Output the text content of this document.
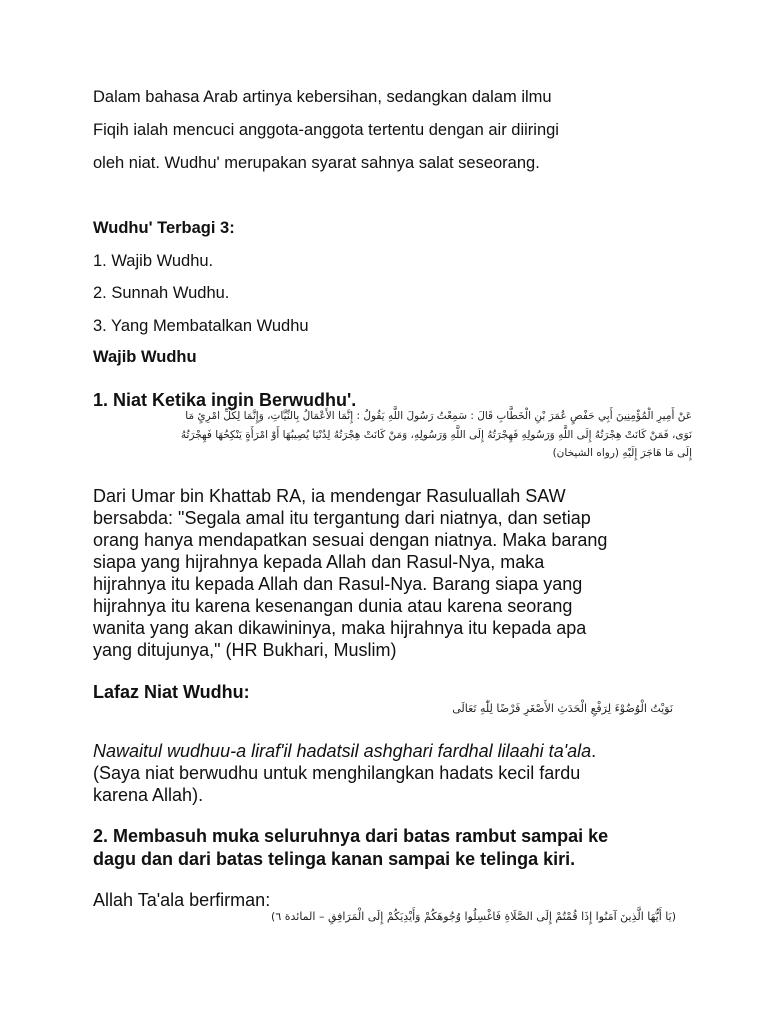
Dalam bahasa Arab artinya kebersihan, sedangkan dalam ilmu
Fiqih ialah mencuci anggota-anggota tertentu dengan air diiringi
oleh niat. Wudhu' merupakan syarat sahnya salat seseorang.
Wudhu' Terbagi 3:
1. Wajib Wudhu.
2. Sunnah Wudhu.
3. Yang Membatalkan Wudhu
Wajib Wudhu
1. Niat Ketika ingin Berwudhu'.
عَنْ أَمِيرِ الْمُؤْمِنِينَ أَبِي حَفْصٍ عُمَرَ بْنِ الْخَطَّابِ قَالَ : سَمِعْتُ رَسُولَ اللَّهِ يَقُولُ : إِنَّمَا الأَعْمَالُ بِالنِّيَّاتِ، وَإِنَّمَا لِكُلِّ امْرِئٍ مَا
نَوَى، فَمَنْ كَانَتْ هِجْرَتُهُ إِلَى اللَّهِ وَرَسُولِهِ فَهِجْرَتُهُ إِلَى اللَّهِ وَرَسُولِهِ، وَمَنْ كَانَتْ هِجْرَتُهُ لِدُنْيَا يُصِيبُهَا أَوْ امْرَأَةٍ يَنْكِحُهَا فَهِجْرَتُهُ
إِلَى مَا هَاجَرَ إِلَيْهِ (رواه الشيخان)
Dari Umar bin Khattab RA, ia mendengar Rasuluallah SAW
bersabda: "Segala amal itu tergantung dari niatnya, dan setiap
orang hanya mendapatkan sesuai dengan niatnya. Maka barang
siapa yang hijrahnya kepada Allah dan Rasul-Nya, maka
hijrahnya itu kepada Allah dan Rasul-Nya. Barang siapa yang
hijrahnya itu karena kesenangan dunia atau karena seorang
wanita yang akan dikawininya, maka hijrahnya itu kepada apa
yang ditujunya," (HR Bukhari, Muslim)
Lafaz Niat Wudhu:
نَوَيْتُ الْوُضُوْءَ لِرَفْعِ الْحَدَثِ الأَصْغَرِ فَرْضًا لِلّٰهِ تَعَالَى
Nawaitul wudhuu-a liraf'il hadatsil ashghari fardhal lilaahi ta'ala.
(Saya niat berwudhu untuk menghilangkan hadats kecil fardu
karena Allah).
2. Membasuh muka seluruhnya dari batas rambut sampai ke
dagu dan dari batas telinga kanan sampai ke telinga kiri.
Allah Ta'ala berfirman:
(يَا أَيُّهَا الَّذِينَ آمَنُوا إِذَا قُمْتُمْ إِلَى الصَّلَاةِ فَاغْسِلُوا وُجُوهَكُمْ وَأَيْدِيَكُمْ إِلَى الْمَرَافِقِ – المائدة ٦)
